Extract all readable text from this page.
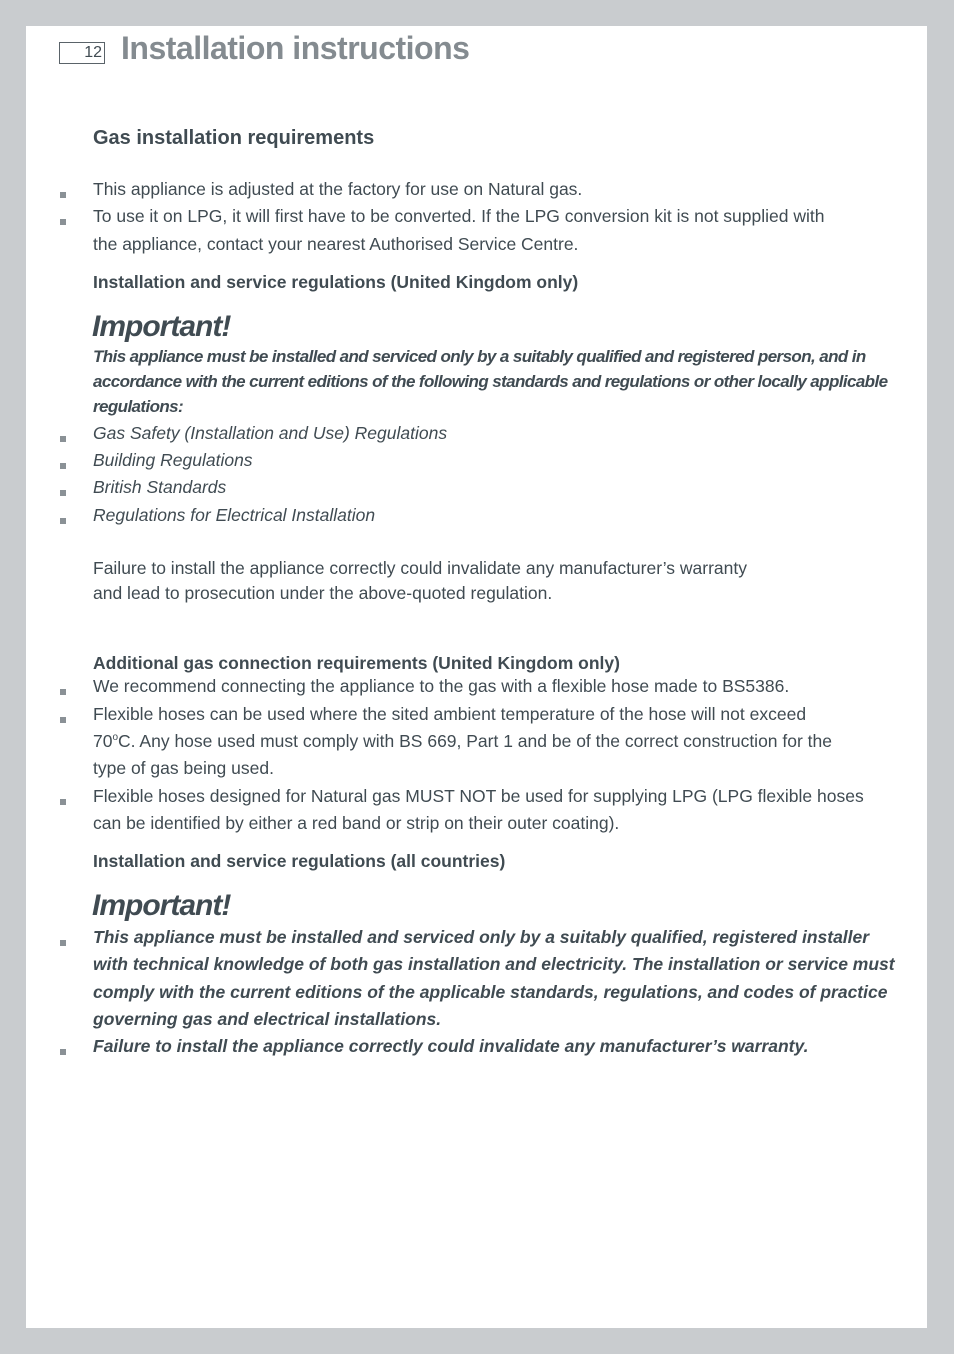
12 Installation instructions
Gas installation requirements
This appliance is adjusted at the factory for use on Natural gas.
To use it on LPG, it will first have to be converted. If the LPG conversion kit is not supplied with
the appliance, contact your nearest Authorised Service Centre.
Installation and service regulations (United Kingdom only)
Important!
This appliance must be installed and serviced only by a suitably qualified and registered person, and in
accordance with the current editions of the following standards and regulations or other locally applicable
regulations:
Gas Safety (Installation and Use) Regulations
Building Regulations
British Standards
Regulations for Electrical Installation
Failure to install the appliance correctly could invalidate any manufacturer’s warranty
and lead to prosecution under the above-quoted regulation.
Additional gas connection requirements (United Kingdom only)
We recommend connecting the appliance to the gas with a flexible hose made to BS5386.
Flexible hoses can be used where the sited ambient temperature of the hose will not exceed
70$^o$C. Any hose used must comply with BS 669, Part 1 and be of the correct construction for the
type of gas being used.
Flexible hoses designed for Natural gas MUST NOT be used for supplying LPG (LPG flexible hoses
can be identified by either a red band or strip on their outer coating).
Installation and service regulations (all countries)
Important!
This appliance must be installed and serviced only by a suitably qualified, registered installer
with technical knowledge of both gas installation and electricity. The installation or service must
comply with the current editions of the applicable standards, regulations, and codes of practice
governing gas and electrical installations.
Failure to install the appliance correctly could invalidate any manufacturer’s warranty.
